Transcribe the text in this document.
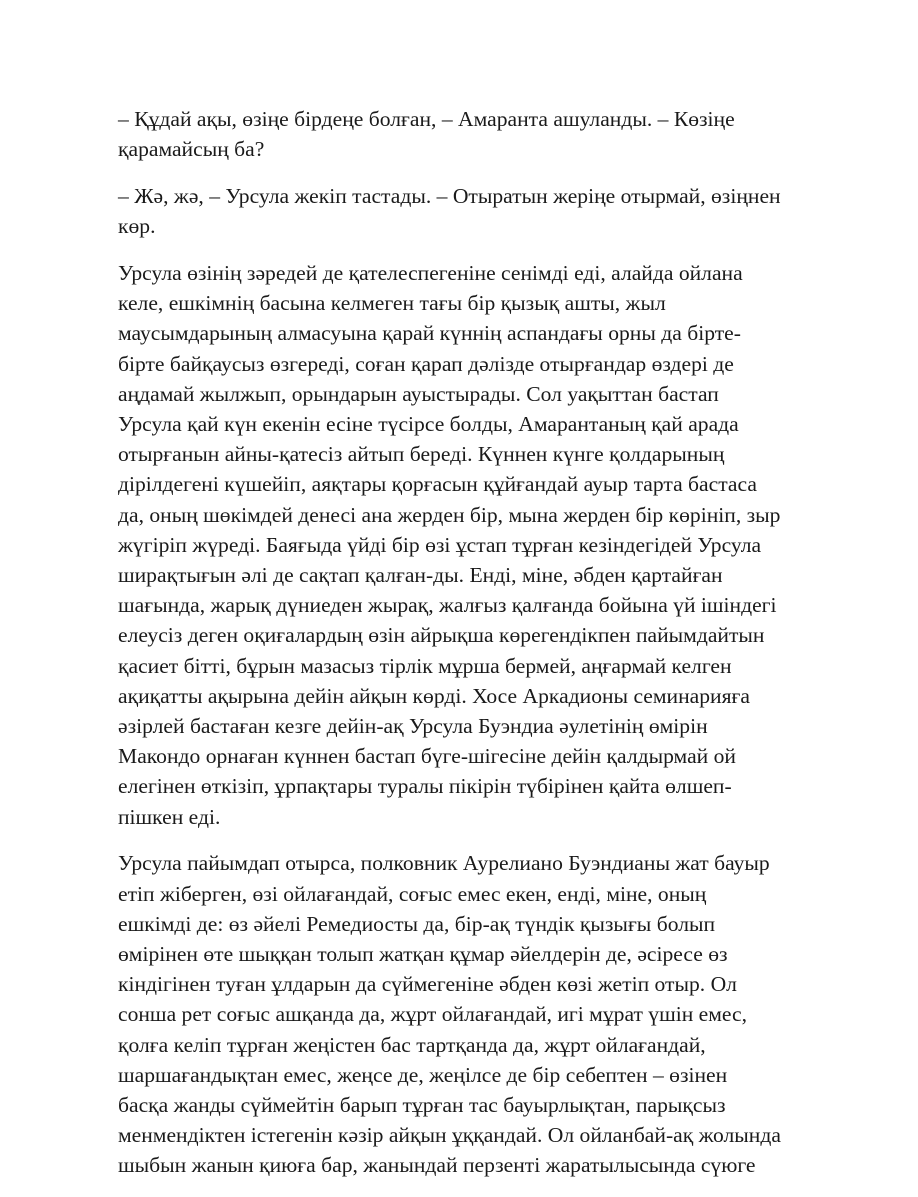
– Құдай ақы, өзіңе бірдеңе болған, – Амаранта ашуланды. – Көзіңе
қарамайсың ба?

– Жә, жә, – Урсула жекіп тастады. – Отыратын жеріңе отырмай, өзіңнен
көр.

Урсула өзінің зәредей де қателеспегеніне сенімді еді, алайда ойлана
келе, ешкімнің басына келмеген тағы бір қызық ашты, жыл
маусымдарының алмасуына қарай күннің аспандағы орны да бірте-
бірте байқаусыз өзгереді, соған қарап дәлізде отырғандар өздері де
аңдамай жылжып, орындарын ауыстырады. Сол уақыттан бастап
Урсула қай күн екенін есіне түсірсе болды, Амарантаның қай арада
отырғанын айны-қатесіз айтып береді. Күннен күнге қолдарының
дірілдегені күшейіп, аяқтары қорғасын құйғандай ауыр тарта бастаса
да, оның шөкімдей денесі ана жерден бір, мына жерден бір көрініп, зыр
жүгіріп жүреді. Баяғыда үйді бір өзі ұстап тұрған кезіндегідей Урсула
ширақтығын әлі де сақтап қалған-ды. Енді, міне, әбден қартайған
шағында, жарық дүниеден жырақ, жалғыз қалғанда бойына үй ішіндегі
елеусіз деген оқиғалардың өзін айрықша көрегендікпен пайымдайтын
қасиет бітті, бұрын мазасыз тірлік мұрша бермей, аңғармай келген
ақиқатты ақырына дейін айқын көрді. Хосе Аркадионы семинарияға
әзірлей бастаған кезге дейін-ақ Урсула Буэндиа әулетінің өмірін
Макондо орнаған күннен бастап бүге-шігесіне дейін қалдырмай ой
елегінен өткізіп, ұрпақтары туралы пікірін түбірінен қайта өлшеп-
пішкен еді.

Урсула пайымдап отырса, полковник Аурелиано Буэндианы жат бауыр
етіп жіберген, өзі ойлағандай, соғыс емес екен, енді, міне, оның
ешкімді де: өз әйелі Ремедиосты да, бір-ақ түндік қызығы болып
өмірінен өте шыққан толып жатқан құмар әйелдерін де, әсіресе өз
кіндігінен туған ұлдарын да сүймегеніне әбден көзі жетіп отыр. Ол
сонша рет соғыс ашқанда да, жұрт ойлағандай, игі мұрат үшін емес,
қолға келіп тұрған жеңістен бас тартқанда да, жұрт ойлағандай,
шаршағандықтан емес, жеңсе де, жеңілсе де бір себептен – өзінен
басқа жанды сүймейтін барып тұрған тас бауырлықтан, парықсыз
менмендіктен істегенін кәзір айқын ұққандай. Ол ойланбай-ақ жолында
шыбын жанын қиюға бар, жанындай перзенті жаратылысында сүюге
